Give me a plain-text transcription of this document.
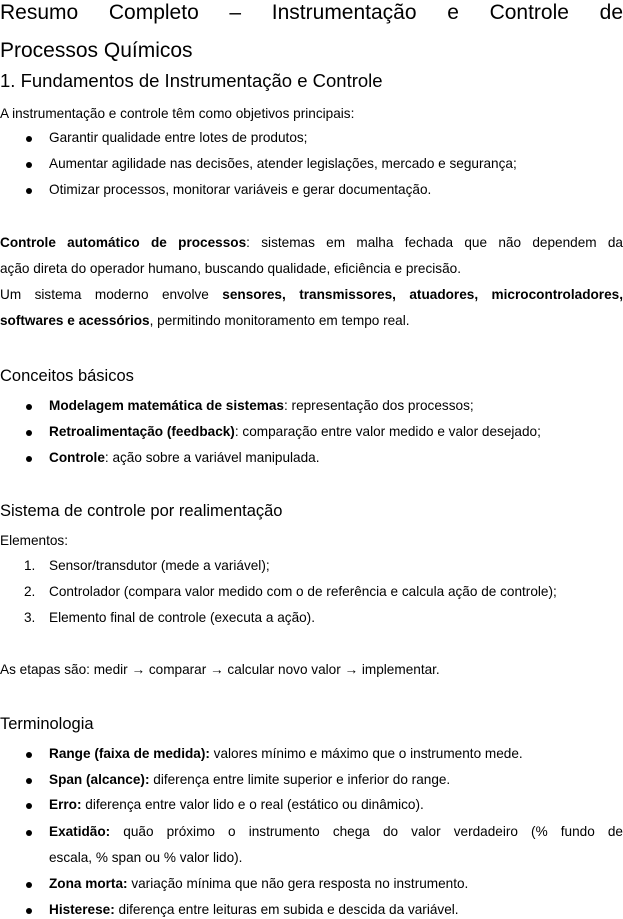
Resumo Completo – Instrumentação e Controle de
Processos Químicos
1. Fundamentos de Instrumentação e Controle
A instrumentação e controle têm como objetivos principais:
Garantir qualidade entre lotes de produtos;
Aumentar agilidade nas decisões, atender legislações, mercado e segurança;
Otimizar processos, monitorar variáveis e gerar documentação.
Controle automático de processos: sistemas em malha fechada que não dependem da
ação direta do operador humano, buscando qualidade, eficiência e precisão.
Um sistema moderno envolve sensores, transmissores, atuadores, microcontroladores,
softwares e acessórios, permitindo monitoramento em tempo real.
Conceitos básicos
Modelagem matemática de sistemas: representação dos processos;
Retroalimentação (feedback): comparação entre valor medido e valor desejado;
Controle: ação sobre a variável manipulada.
Sistema de controle por realimentação
Elementos:
1. Sensor/transdutor (mede a variável);
2. Controlador (compara valor medido com o de referência e calcula ação de controle);
3. Elemento final de controle (executa a ação).
As etapas são: medir → comparar → calcular novo valor → implementar.
Terminologia
Range (faixa de medida): valores mínimo e máximo que o instrumento mede.
Span (alcance): diferença entre limite superior e inferior do range.
Erro: diferença entre valor lido e o real (estático ou dinâmico).
Exatidão: quão próximo o instrumento chega do valor verdadeiro (% fundo de
escala, % span ou % valor lido).
Zona morta: variação mínima que não gera resposta no instrumento.
Histerese: diferença entre leituras em subida e descida da variável.
